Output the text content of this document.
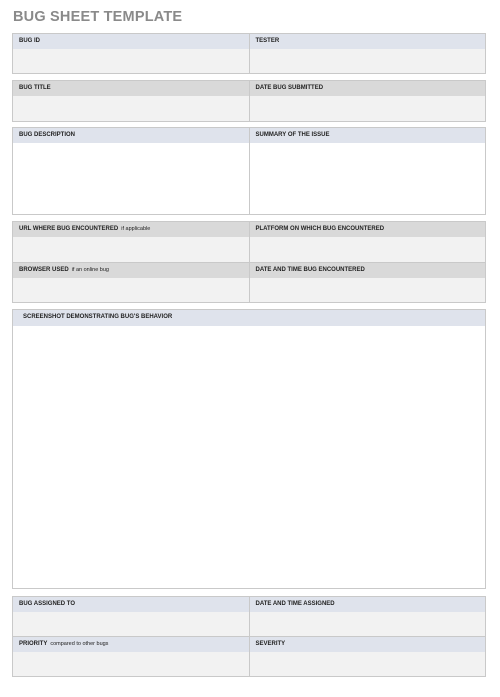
BUG SHEET TEMPLATE
BUG ID	TESTER
BUG TITLE	DATE BUG SUBMITTED
BUG DESCRIPTION	SUMMARY OF THE ISSUE
URL WHERE BUG ENCOUNTERED if applicable	PLATFORM ON WHICH BUG ENCOUNTERED
BROWSER USED if an online bug	DATE AND TIME BUG ENCOUNTERED
SCREENSHOT DEMONSTRATING BUG'S BEHAVIOR
BUG ASSIGNED TO	DATE AND TIME ASSIGNED
PRIORITY compared to other bugs	SEVERITY
